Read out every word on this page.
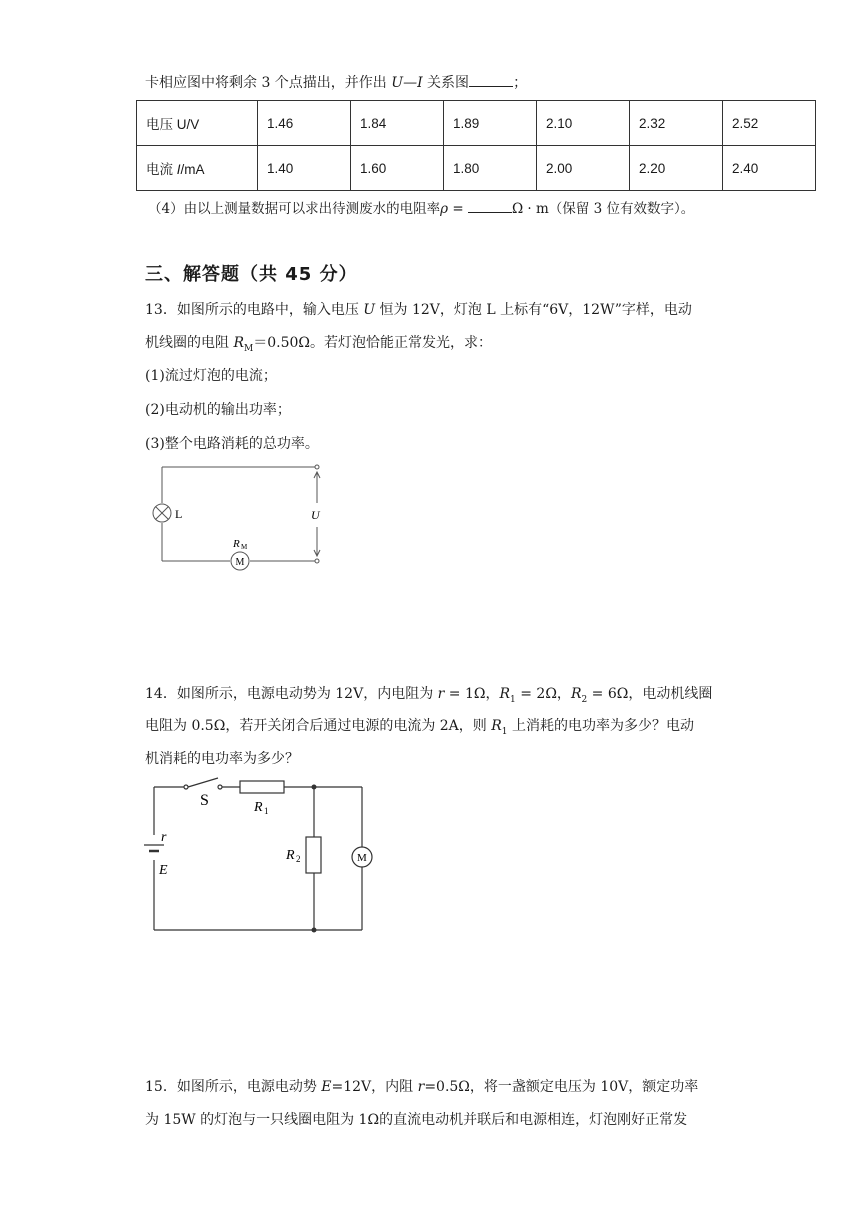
卡相应图中将剩余 3 个点描出，并作出 U—I 关系图	；
电压 U/V	1.46	1.84	1.89	2.10	2.32	2.52
电流 I/mA	1.40	1.60	1.80	2.00	2.20	2.40
（4）由以上测量数据可以求出待测废水的电阻率ρ =	Ω · m（保留 3 位有效数字）。
三、解答题（共 45 分）
13．如图所示的电路中，输入电压 U 恒为 12V，灯泡 L 上标有“6V，12W”字样，电动
机线圈的电阻 $R_M=0.50\Omega$。若灯泡恰能正常发光，求：
(1)流过灯泡的电流；
(2)电动机的输出功率；
(3)整个电路消耗的总功率。
L	U
M
R M
14．如图所示，电源电动势为 12V，内电阻为 r = 1Ω，$R_1 = 2\Omega$，$R_2 = 6\Omega$，电动机线圈
电阻为 0.5Ω，若开关闭合后通过电源的电流为 2A，则 $R_1$ 上消耗的电功率为多少？电动
机消耗的电功率为多少？
S	R 1
R 2
r
E
M
15．如图所示，电源电动势 E=12V，内阻 r=0.5Ω，将一盏额定电压为 10V，额定功率
为 15W 的灯泡与一只线圈电阻为 1Ω的直流电动机并联后和电源相连，灯泡刚好正常发
